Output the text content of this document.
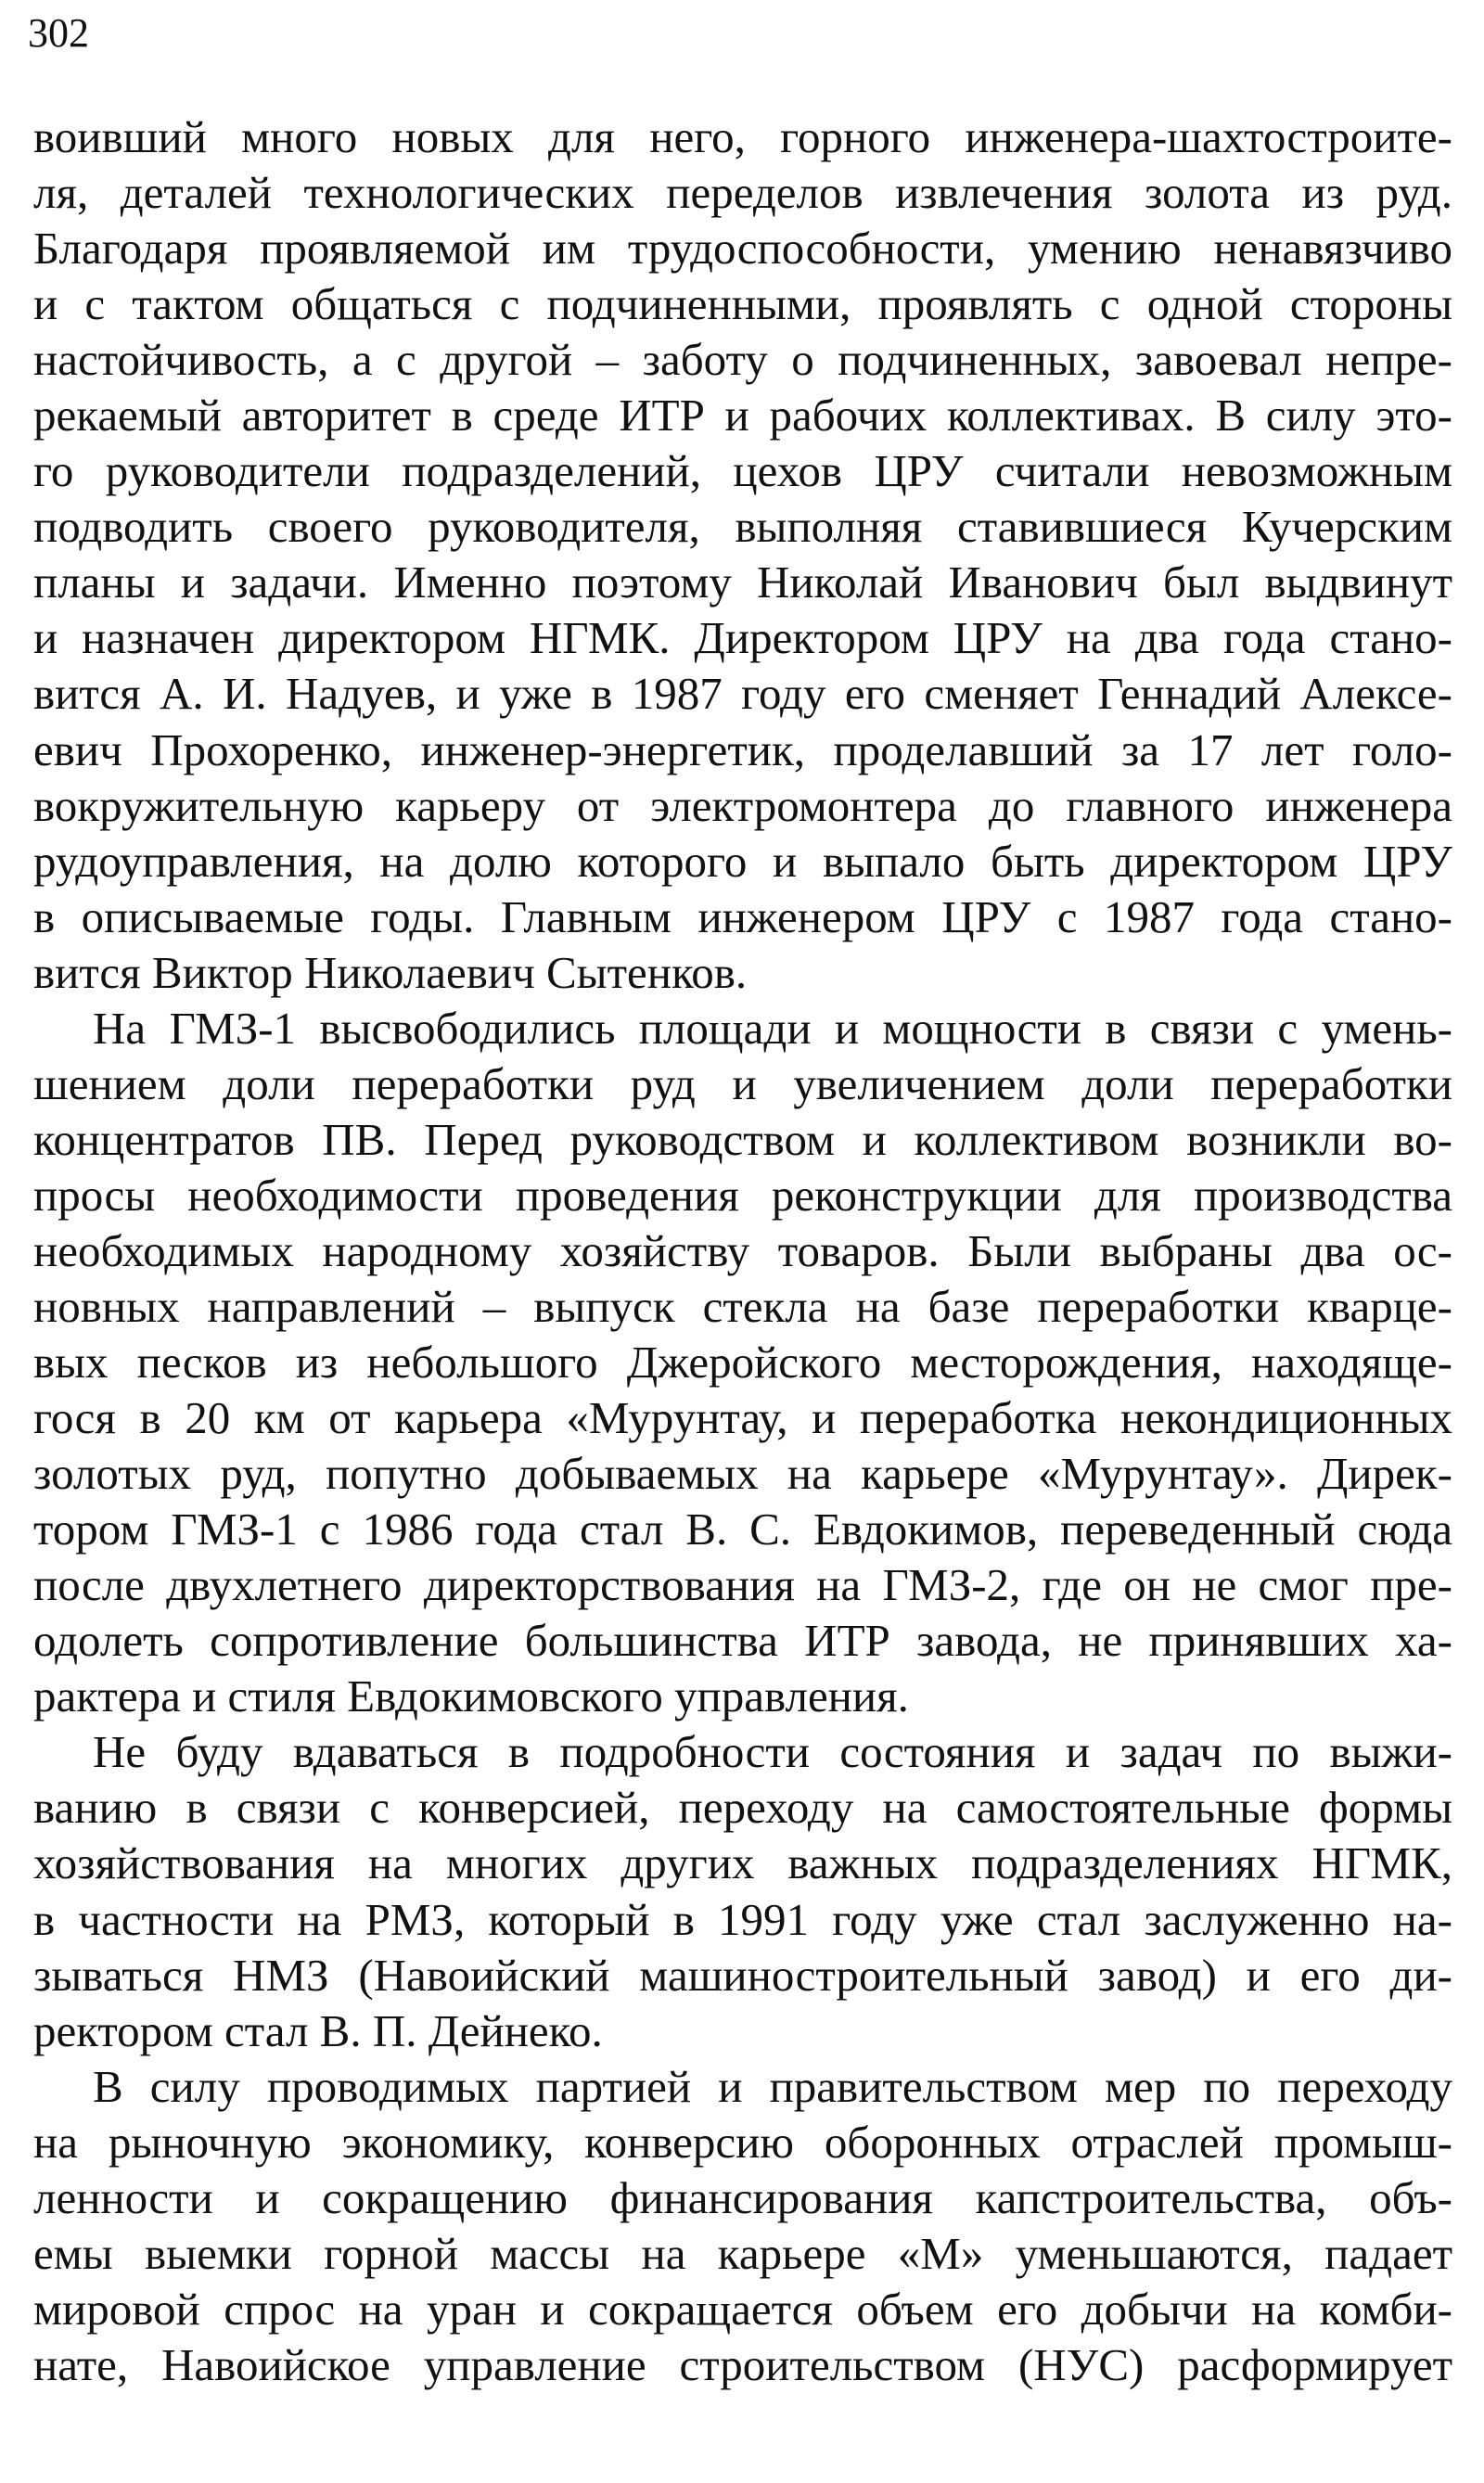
302
воивший много новых для него, горного инженера-шахтостроите-
ля, деталей технологических переделов извлечения золота из руд.
Благодаря проявляемой им трудоспособности, умению ненавязчиво
и с тактом общаться с подчиненными, проявлять с одной стороны
настойчивость, а с другой – заботу о подчиненных, завоевал непре-
рекаемый авторитет в среде ИТР и рабочих коллективах. В силу это-
го руководители подразделений, цехов ЦРУ считали невозможным
подводить своего руководителя, выполняя ставившиеся Кучерским
планы и задачи. Именно поэтому Николай Иванович был выдвинут
и назначен директором НГМК. Директором ЦРУ на два года стано-
вится А. И. Надуев, и уже в 1987 году его сменяет Геннадий Алексе-
евич Прохоренко, инженер-энергетик, проделавший за 17 лет голо-
вокружительную карьеру от электромонтера до главного инженера
рудоуправления, на долю которого и выпало быть директором ЦРУ
в описываемые годы. Главным инженером ЦРУ с 1987 года стано-
вится Виктор Николаевич Сытенков.
На ГМЗ-1 высвободились площади и мощности в связи с умень-
шением доли переработки руд и увеличением доли переработки
концентратов ПВ. Перед руководством и коллективом возникли во-
просы необходимости проведения реконструкции для производства
необходимых народному хозяйству товаров. Были выбраны два ос-
новных направлений – выпуск стекла на базе переработки кварце-
вых песков из небольшого Джеройского месторождения, находяще-
гося в 20 км от карьера «Мурунтау, и переработка некондиционных
золотых руд, попутно добываемых на карьере «Мурунтау». Дирек-
тором ГМЗ-1 с 1986 года стал В. С. Евдокимов, переведенный сюда
после двухлетнего директорствования на ГМЗ-2, где он не смог пре-
одолеть сопротивление большинства ИТР завода, не принявших ха-
рактера и стиля Евдокимовского управления.
Не буду вдаваться в подробности состояния и задач по выжи-
ванию в связи с конверсией, переходу на самостоятельные формы
хозяйствования на многих других важных подразделениях НГМК,
в частности на РМЗ, который в 1991 году уже стал заслуженно на-
зываться НМЗ (Навоийский машиностроительный завод) и его ди-
ректором стал В. П. Дейнеко.
В силу проводимых партией и правительством мер по переходу
на рыночную экономику, конверсию оборонных отраслей промыш-
ленности и сокращению финансирования капстроительства, объ-
емы выемки горной массы на карьере «М» уменьшаются, падает
мировой спрос на уран и сокращается объем его добычи на комби-
нате, Навоийское управление строительством (НУС) расформирует
